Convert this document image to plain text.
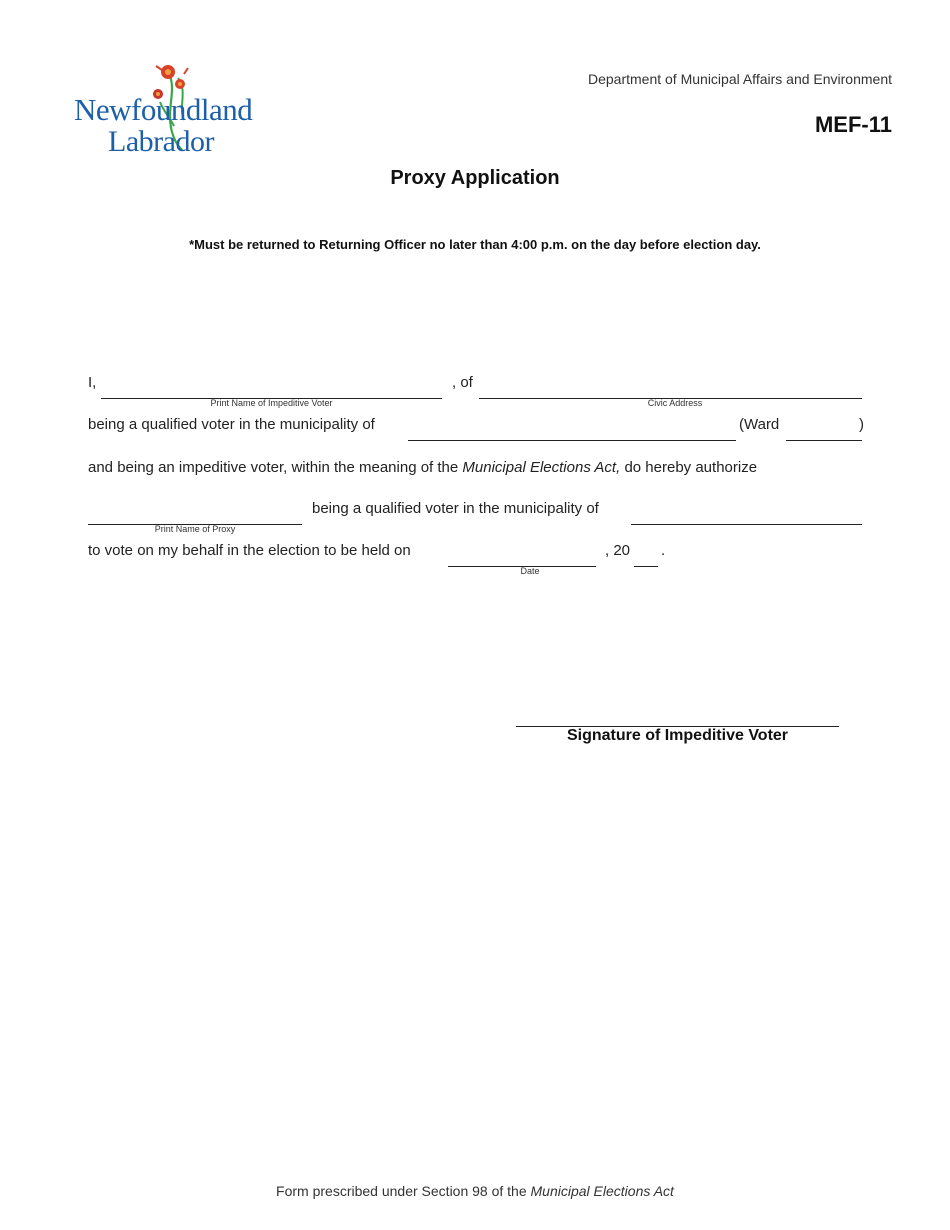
Newfoundland
Labrador
Department of Municipal Affairs and Environment
MEF-11
Proxy Application
*Must be returned to Returning Officer no later than 4:00 p.m. on the day before election day.
I,
Print Name of Impeditive Voter
, of
Civic Address
being a qualified voter in the municipality of	(Ward	)
and being an impeditive voter, within the meaning of the Municipal Elections Act, do hereby authorize
Print Name of Proxy
being a qualified voter in the municipality of
to vote on my behalf in the election to be held on
Date
, 20 .
Signature of Impeditive Voter
Form prescribed under Section 98 of the Municipal Elections Act
